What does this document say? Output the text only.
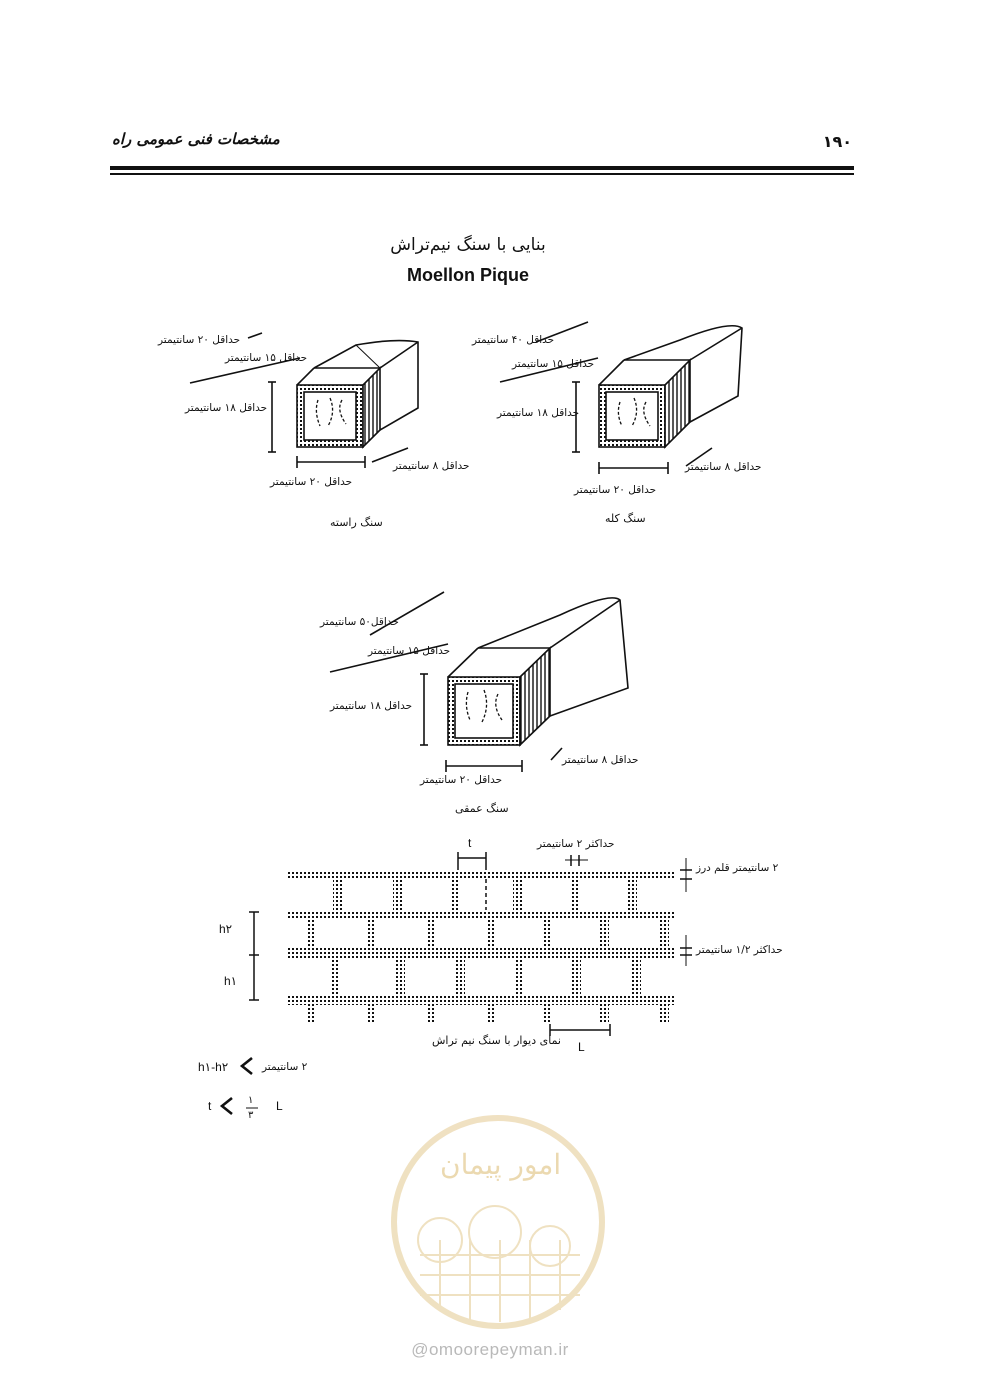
مشخصات فنی عمومی راه	۱۹۰
بنایی با سنگ نیم‌تراش
Moellon Pique
حداقل ۲۰ سانتیمتر
حداقل ۱۵ سانتیمتر
حداقل ۱۸ سانتیمتر
حداقل ۲۰ سانتیمتر
حداقل ۸ سانتیمتر
سنگ راسته
حداقل ۴۰ سانتیمتر
حداقل ۱۵ سانتیمتر
حداقل ۱۸ سانتیمتر
حداقل ۲۰ سانتیمتر
حداقل ۸ سانتیمتر
سنگ کله
حداقل۵۰ سانتیمتر
حداقل ۱۵ سانتیمتر
حداقل ۱۸ سانتیمتر
حداقل ۲۰ سانتیمتر
حداقل ۸ سانتیمتر
سنگ عمقی
t	حداکثر ۲ سانتیمتر
۲ سانتیمتر قلم درز
h۲
h۱
حداکثر ۱/۲ سانتیمتر
نمای دیوار با سنگ نیم تراش L
h۱-h۲	۲ سانتیمتر
t	۱
۳
L
امور پیمان
@omoorepeyman.ir
